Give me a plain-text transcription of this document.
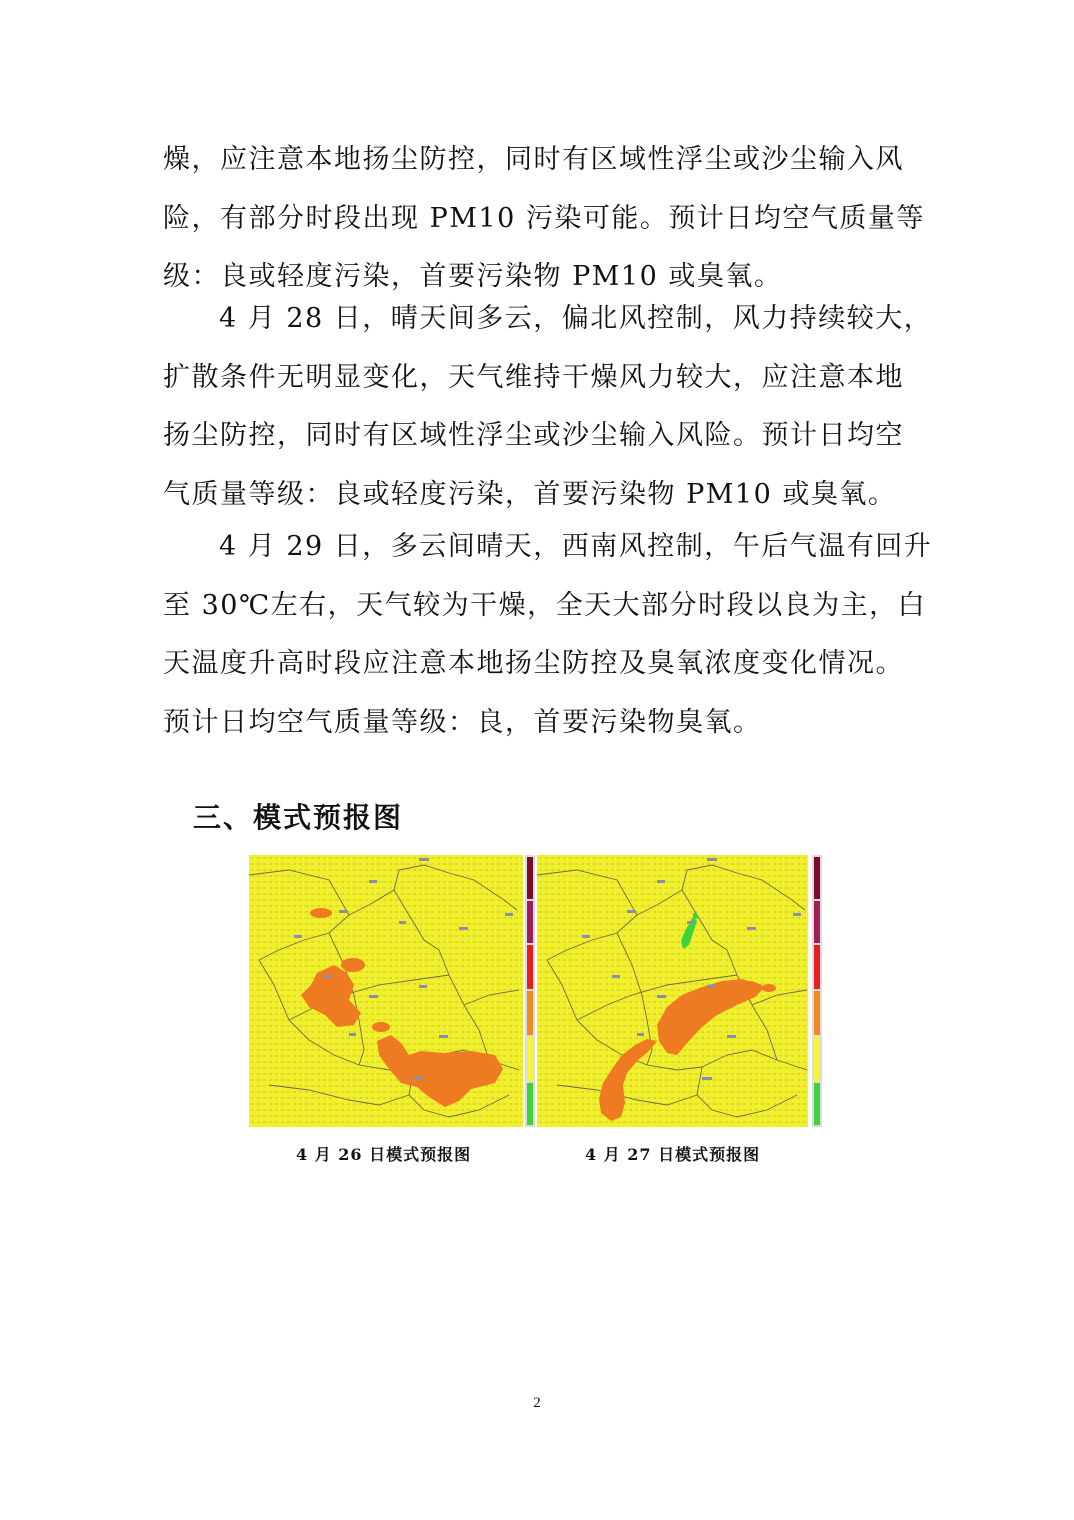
燥，应注意本地扬尘防控，同时有区域性浮尘或沙尘输入风
险，有部分时段出现 PM10 污染可能。预计日均空气质量等
级：良或轻度污染，首要污染物 PM10 或臭氧。
4 月 28 日，晴天间多云，偏北风控制，风力持续较大，
扩散条件无明显变化，天气维持干燥风力较大，应注意本地
扬尘防控，同时有区域性浮尘或沙尘输入风险。预计日均空
气质量等级：良或轻度污染，首要污染物 PM10 或臭氧。
4 月 29 日，多云间晴天，西南风控制，午后气温有回升
至 30℃左右，天气较为干燥，全天大部分时段以良为主，白
天温度升高时段应注意本地扬尘防控及臭氧浓度变化情况。
预计日均空气质量等级：良，首要污染物臭氧。
三、模式预报图
4 月 26 日模式预报图	4 月 27 日模式预报图
2
